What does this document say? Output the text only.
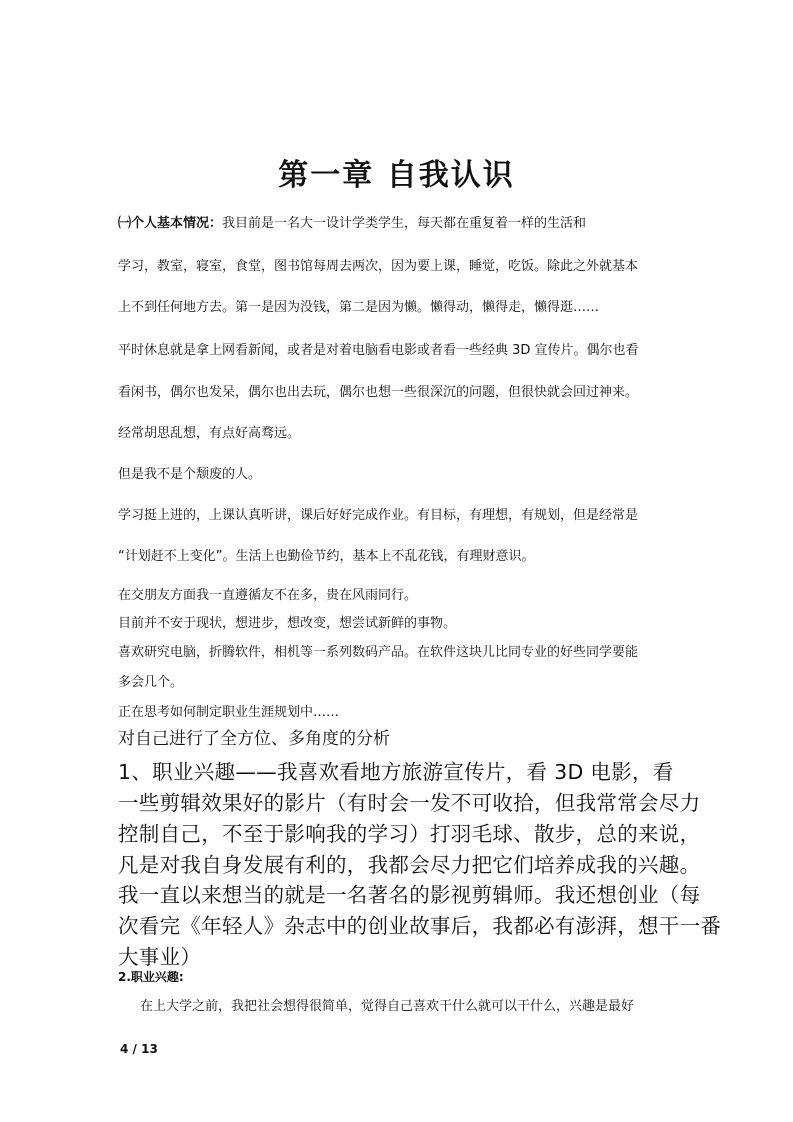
第一章 自我认识
㈠个人基本情况：我目前是一名大一设计学类学生，每天都在重复着一样的生活和
学习，教室，寝室，食堂，图书馆每周去两次，因为要上课，睡觉，吃饭。除此之外就基本
上不到任何地方去。第一是因为没钱，第二是因为懒。懒得动，懒得走，懒得逛……
平时休息就是拿上网看新闻，或者是对着电脑看电影或者看一些经典 3D 宣传片。偶尔也看
看闲书，偶尔也发呆，偶尔也出去玩，偶尔也想一些很深沉的问题，但很快就会回过神来。
经常胡思乱想，有点好高骛远。
但是我不是个颓废的人。
学习挺上进的，上课认真听讲，课后好好完成作业。有目标，有理想，有规划，但是经常是
“计划赶不上变化”。生活上也勤俭节约，基本上不乱花钱，有理财意识。
在交朋友方面我一直遵循友不在多，贵在风雨同行。
目前并不安于现状，想进步，想改变，想尝试新鲜的事物。
喜欢研究电脑，折腾软件，相机等一系列数码产品。在软件这块儿比同专业的好些同学要能
多会几个。
正在思考如何制定职业生涯规划中……
对自己进行了全方位、多角度的分析
1、职业兴趣——我喜欢看地方旅游宣传片，看 3D 电影，看
一些剪辑效果好的影片（有时会一发不可收拾，但我常常会尽力
控制自己，不至于影响我的学习）打羽毛球、散步，总的来说，
凡是对我自身发展有利的，我都会尽力把它们培养成我的兴趣。
我一直以来想当的就是一名著名的影视剪辑师。我还想创业（每
次看完《年轻人》杂志中的创业故事后，我都必有澎湃，想干一番
大事业）
2.职业兴趣:
在上大学之前，我把社会想得很简单，觉得自己喜欢干什么就可以干什么，兴趣是最好
4 / 13
